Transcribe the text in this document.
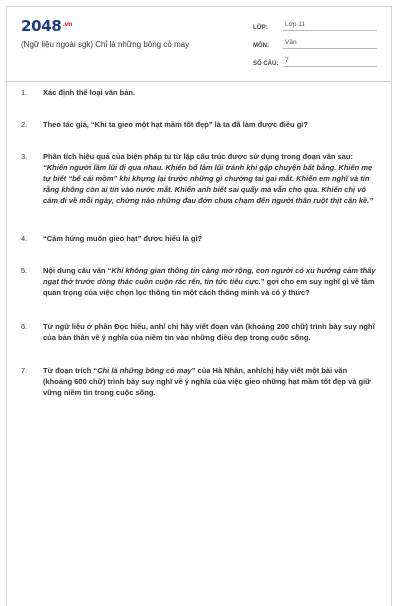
$2048^{.vn}$
(Ngữ liệu ngoài sgk) Chỉ là những bông cỏ may
LỚP:	Lớp 11
MÔN:	Văn
SỐ CÂU:	7
1.	Xác định thể loại văn bản.
2.	Theo tác giả, “Khi ta gieo một hạt mầm tốt đẹp” là ta đã làm được điều gì?
3.	Phân tích hiệu quả của biện pháp tu từ lặp cấu trúc được sử dụng trong đoạn văn sau: “Khiến người lầm lũi đi qua nhau. Khiến bố lầm lũi tránh khi gặp chuyện bất bằng. Khiến mẹ tự biết “bế cái mồm” khi khựng lại trước những gì chướng tai gai mắt. Khiến em nghĩ và tin rằng không còn ai tin vào nước mắt. Khiến anh biết sai quấy mà vẫn cho qua. Khiến chị vô cảm đi về mỗi ngày, chừng nào những đau đớn chưa chạm đến người thân ruột thịt cận kề.”
4.	“Cảm hứng muốn gieo hạt” được hiểu là gì?
5.	Nội dung câu văn “Khi không gian thông tin càng mở rộng, con người có xu hướng cảm thấy ngạt thở trước dòng thác cuồn cuộn rác rến, tin tức tiêu cực.” gợi cho em suy nghĩ gì về tầm quan trọng của việc chọn lọc thông tin một cách thông minh và có ý thức?
6.	Từ ngữ liệu ở phần Đọc hiểu, anh/ chị hãy viết đoạn văn (khoảng 200 chữ) trình bày suy nghĩ của bản thân về ý nghĩa của niềm tin vào những điều đẹp trong cuộc sống.
7.	Từ đoạn trích “Chỉ là những bông cỏ may” của Hà Nhân, anh/chị hãy viết một bài văn (khoảng 600 chữ) trình bày suy nghĩ về ý nghĩa của việc gieo những hạt mầm tốt đẹp và giữ vững niềm tin trong cuộc sống.
